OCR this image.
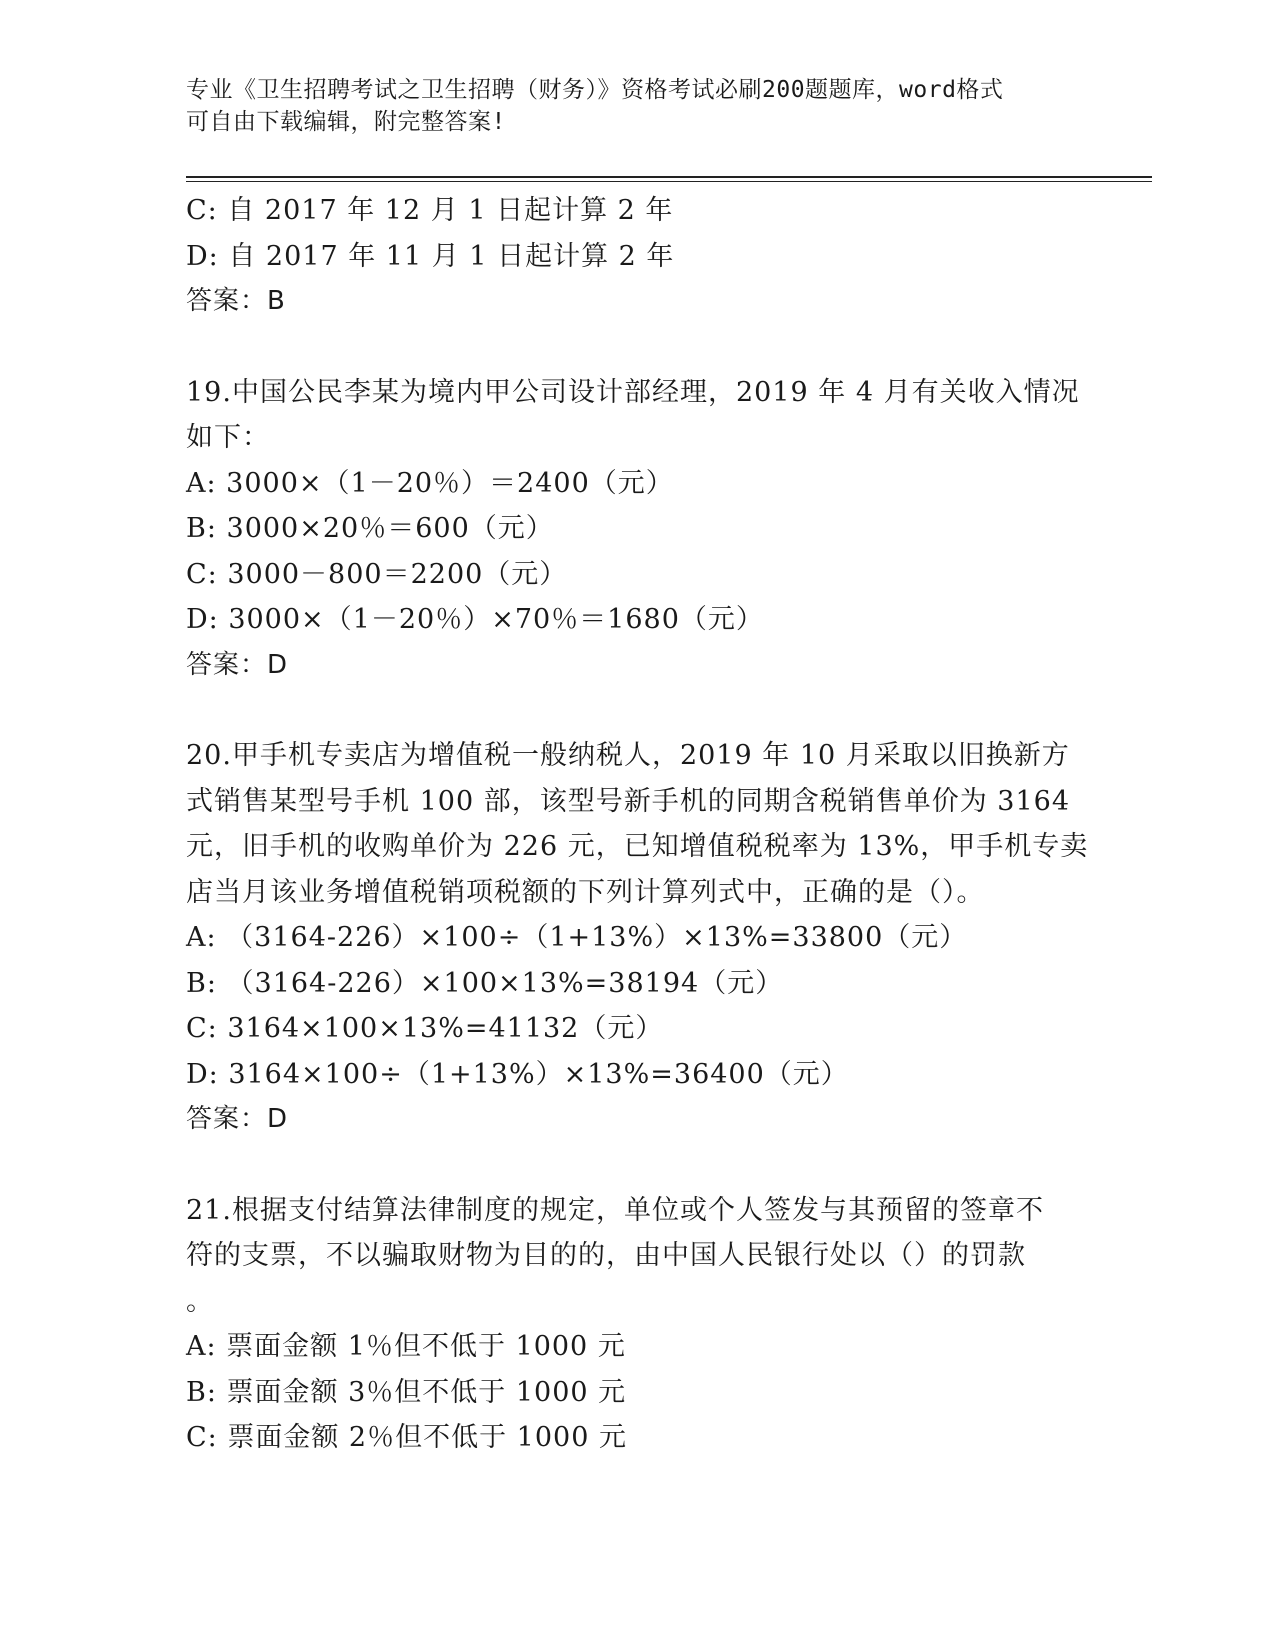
专业《卫生招聘考试之卫生招聘（财务）》资格考试必刷200题题库，word格式
可自由下载编辑，附完整答案!
C: 自 2017 年 12 月 1 日起计算 2 年
D: 自 2017 年 11 月 1 日起计算 2 年
答案：B
19.中国公民李某为境内甲公司设计部经理，2019 年 4 月有关收入情况
如下：
A: 3000×（1－20％）＝2400（元）
B: 3000×20％＝600（元）
C: 3000－800＝2200（元）
D: 3000×（1－20％）×70％＝1680（元）
答案：D
20.甲手机专卖店为增值税一般纳税人，2019 年 10 月采取以旧换新方
式销售某型号手机 100 部，该型号新手机的同期含税销售单价为 3164
元，旧手机的收购单价为 226 元，已知增值税税率为 13%，甲手机专卖
店当月该业务增值税销项税额的下列计算列式中，正确的是（）。
A: （3164-226）×100÷（1+13%）×13%=33800（元）
B: （3164-226）×100×13%=38194（元）
C: 3164×100×13%=41132（元）
D: 3164×100÷（1+13%）×13%=36400（元）
答案：D
21.根据支付结算法律制度的规定，单位或个人签发与其预留的签章不
符的支票，不以骗取财物为目的的，由中国人民银行处以（）的罚款
。
A: 票面金额 1％但不低于 1000 元
B: 票面金额 3％但不低于 1000 元
C: 票面金额 2％但不低于 1000 元
